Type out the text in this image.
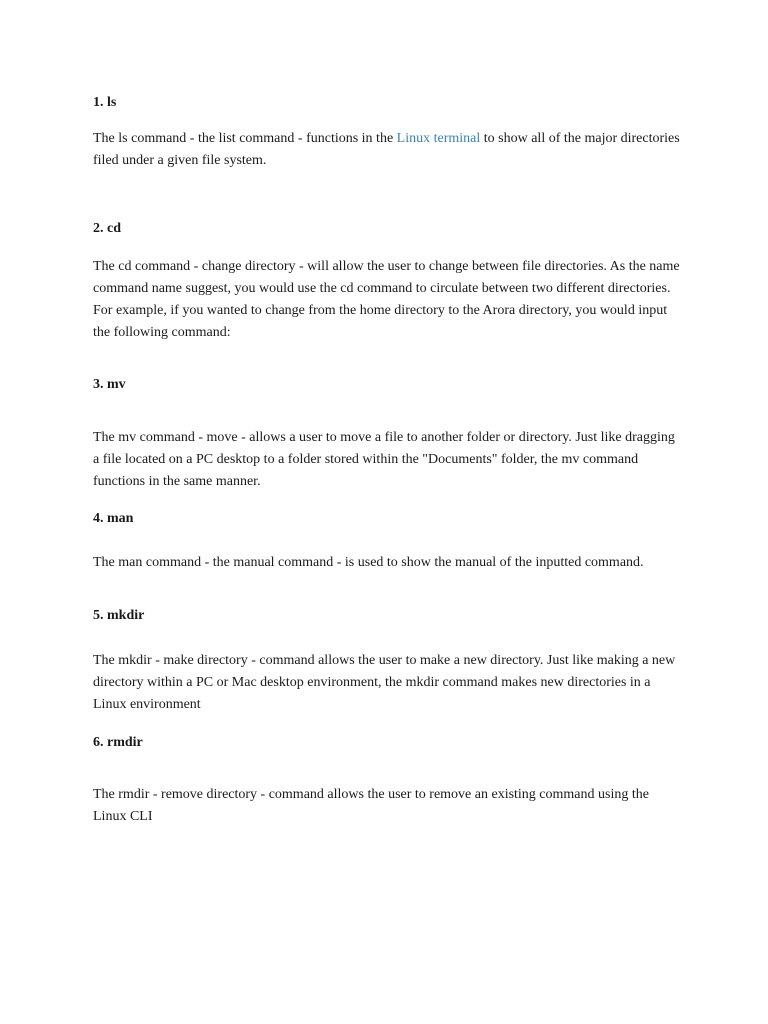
1. ls

The ls command - the list command - functions in the Linux terminal to show all of the major directories filed under a given file system.

2. cd

The cd command - change directory - will allow the user to change between file directories. As the name command name suggest, you would use the cd command to circulate between two different directories. For example, if you wanted to change from the home directory to the Arora directory, you would input the following command:

3. mv

The mv command - move - allows a user to move a file to another folder or directory. Just like dragging a file located on a PC desktop to a folder stored within the "Documents" folder, the mv command functions in the same manner.

4. man

The man command - the manual command - is used to show the manual of the inputted command.

5. mkdir

The mkdir - make directory - command allows the user to make a new directory. Just like making a new directory within a PC or Mac desktop environment, the mkdir command makes new directories in a Linux environment

6. rmdir

The rmdir - remove directory - command allows the user to remove an existing command using the Linux CLI
